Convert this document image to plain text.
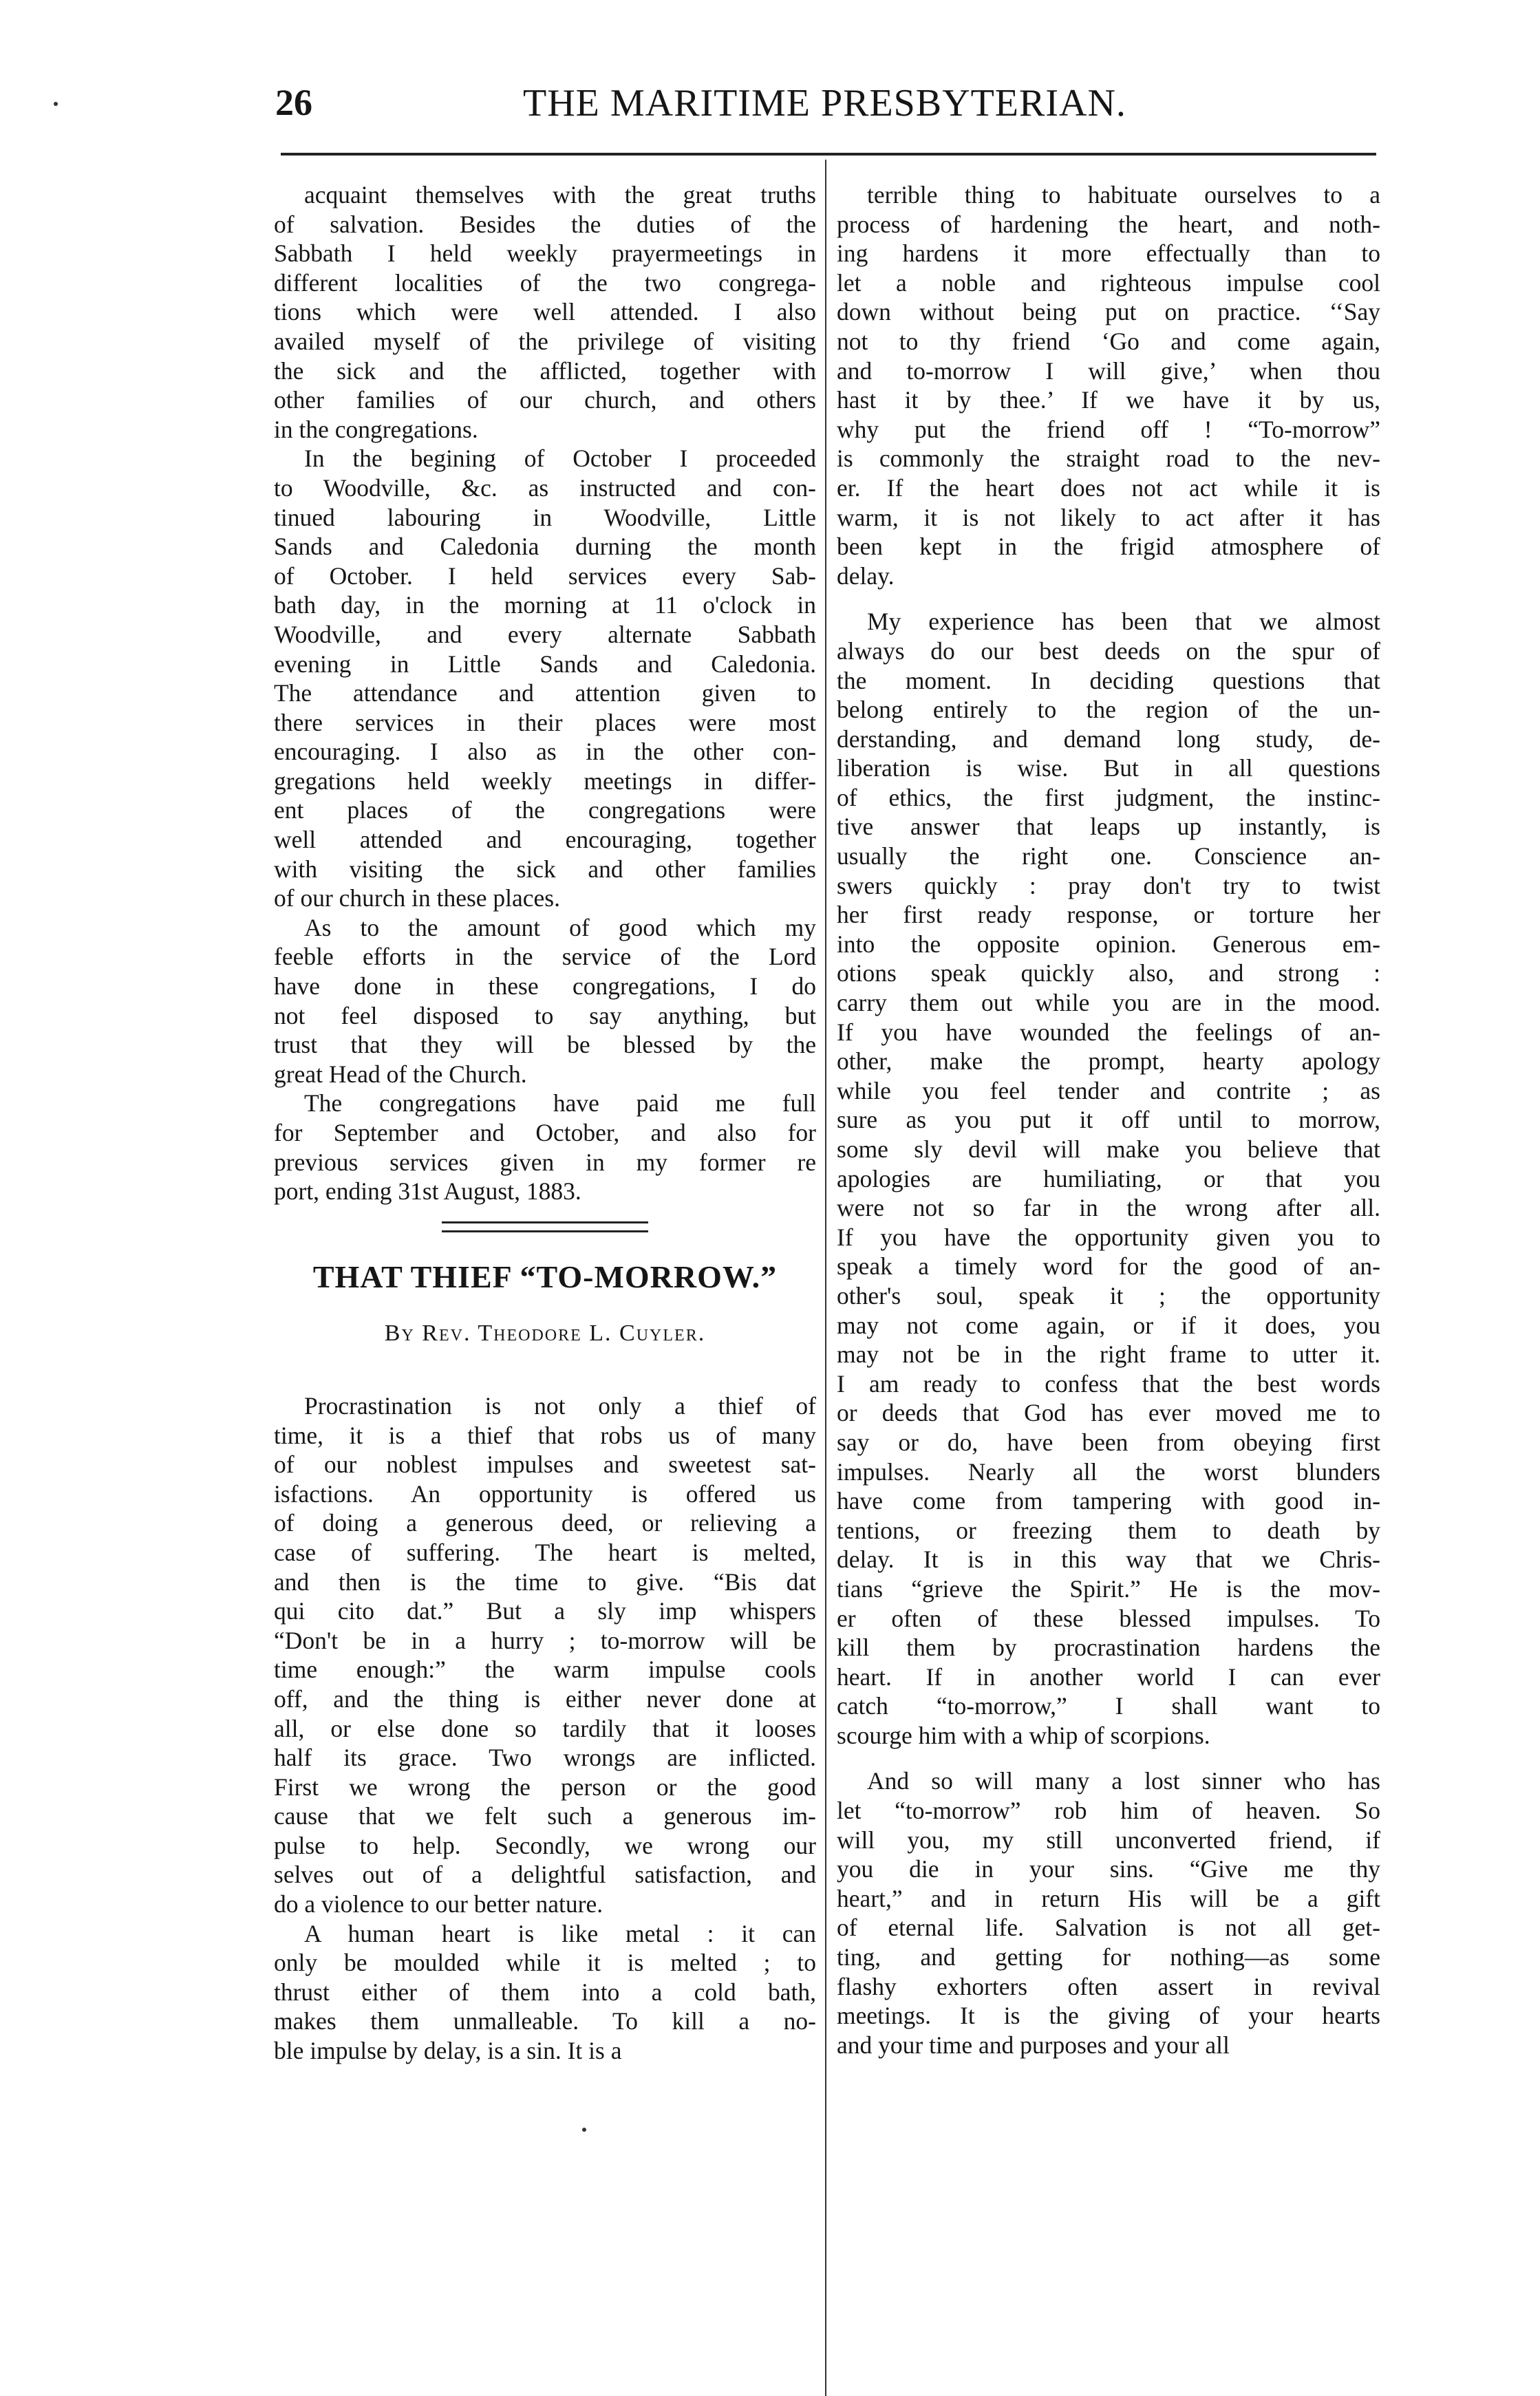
26	THE MARITIME PRESBYTERIAN.
acquaint themselves with the great truths
of salvation. Besides the duties of the
Sabbath I held weekly prayermeetings in
different localities of the two congrega-
tions which were well attended. I also
availed myself of the privilege of visiting
the sick and the afflicted, together with
other families of our church, and others
in the congregations.
In the begining of October I proceeded
to Woodville, &c. as instructed and con-
tinued labouring in Woodville, Little
Sands and Caledonia durning the month
of October. I held services every Sab-
bath day, in the morning at 11 o'clock in
Woodville, and every alternate Sabbath
evening in Little Sands and Caledonia.
The attendance and attention given to
there services in their places were most
encouraging. I also as in the other con-
gregations held weekly meetings in differ-
ent places of the congregations were
well attended and encouraging, together
with visiting the sick and other families
of our church in these places.
As to the amount of good which my
feeble efforts in the service of the Lord
have done in these congregations, I do
not feel disposed to say anything, but
trust that they will be blessed by the
great Head of the Church.
The congregations have paid me full
for September and October, and also for
previous services given in my former re
port, ending 31st August, 1883.
THAT THIEF “TO-MORROW.”
By Rev. Theodore L. Cuyler.
Procrastination is not only a thief of
time, it is a thief that robs us of many
of our noblest impulses and sweetest sat-
isfactions. An opportunity is offered us
of doing a generous deed, or relieving a
case of suffering. The heart is melted,
and then is the time to give. “Bis dat
qui cito dat.” But a sly imp whispers
“Don't be in a hurry ; to-morrow will be
time enough:” the warm impulse cools
off, and the thing is either never done at
all, or else done so tardily that it looses
half its grace. Two wrongs are inflicted.
First we wrong the person or the good
cause that we felt such a generous im-
pulse to help. Secondly, we wrong our
selves out of a delightful satisfaction, and
do a violence to our better nature.
A human heart is like metal : it can
only be moulded while it is melted ; to
thrust either of them into a cold bath,
makes them unmalleable. To kill a no-
ble impulse by delay, is a sin. It is a
terrible thing to habituate ourselves to a
process of hardening the heart, and noth-
ing hardens it more effectually than to
let a noble and righteous impulse cool
down without being put on practice. ‘‘Say
not to thy friend ‘Go and come again,
and to-morrow I will give,’ when thou
hast it by thee.’ If we have it by us,
why put the friend off ! “To-morrow”
is commonly the straight road to the nev-
er. If the heart does not act while it is
warm, it is not likely to act after it has
been kept in the frigid atmosphere of
delay.
My experience has been that we almost
always do our best deeds on the spur of
the moment. In deciding questions that
belong entirely to the region of the un-
derstanding, and demand long study, de-
liberation is wise. But in all questions
of ethics, the first judgment, the instinc-
tive answer that leaps up instantly, is
usually the right one. Conscience an-
swers quickly : pray don't try to twist
her first ready response, or torture her
into the opposite opinion. Generous em-
otions speak quickly also, and strong :
carry them out while you are in the mood.
If you have wounded the feelings of an-
other, make the prompt, hearty apology
while you feel tender and contrite ; as
sure as you put it off until to morrow,
some sly devil will make you believe that
apologies are humiliating, or that you
were not so far in the wrong after all.
If you have the opportunity given you to
speak a timely word for the good of an-
other's soul, speak it ; the opportunity
may not come again, or if it does, you
may not be in the right frame to utter it.
I am ready to confess that the best words
or deeds that God has ever moved me to
say or do, have been from obeying first
impulses. Nearly all the worst blunders
have come from tampering with good in-
tentions, or freezing them to death by
delay. It is in this way that we Chris-
tians “grieve the Spirit.” He is the mov-
er often of these blessed impulses. To
kill them by procrastination hardens the
heart. If in another world I can ever
catch “to-morrow,” I shall want to
scourge him with a whip of scorpions.
And so will many a lost sinner who has
let “to-morrow” rob him of heaven. So
will you, my still unconverted friend, if
you die in your sins. “Give me thy
heart,” and in return His will be a gift
of eternal life. Salvation is not all get-
ting, and getting for nothing—as some
flashy exhorters often assert in revival
meetings. It is the giving of your hearts
and your time and purposes and your all
